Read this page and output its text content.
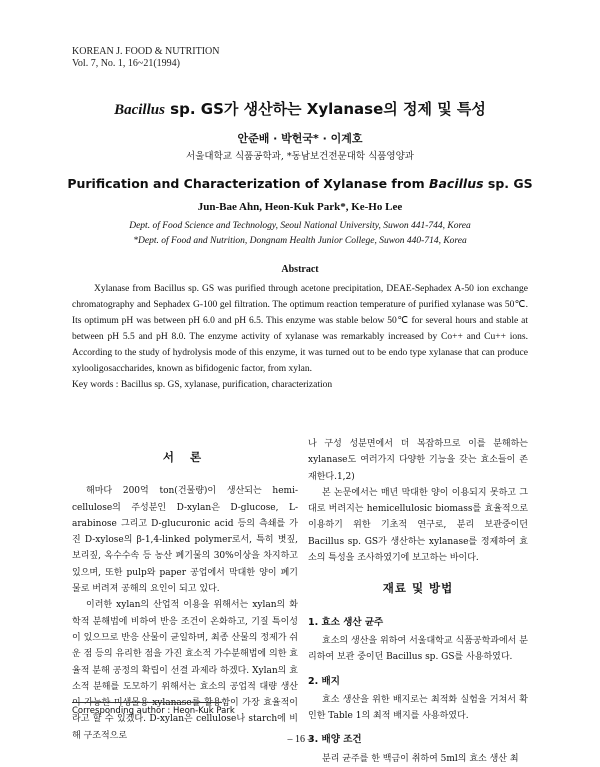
KOREAN J. FOOD & NUTRITION
Vol. 7, No. 1, 16~21(1994)
Bacillus sp. GS가 생산하는 Xylanase의 정제 및 특성
안준배 · 박헌국* · 이계호
서울대학교 식품공학과, *동남보건전문대학 식품영양과
Purification and Characterization of Xylanase from Bacillus sp. GS
Jun-Bae Ahn, Heon-Kuk Park*, Ke-Ho Lee
Dept. of Food Science and Technology, Seoul National University, Suwon 441-744, Korea
*Dept. of Food and Nutrition, Dongnam Health Junior College, Suwon 440-714, Korea
Abstract

Xylanase from Bacillus sp. GS was purified through acetone precipitation, DEAE-Sephadex A-50 ion exchange chromatography and Sephadex G-100 gel filtration. The optimum reaction temperature of purified xylanase was 50℃. Its optimum pH was between pH 6.0 and pH 6.5. This enzyme was stable below 50℃ for several hours and stable at between pH 5.5 and pH 8.0. The enzyme activity of xylanase was remarkably increased by Co++ and Cu++ ions. According to the study of hydrolysis mode of this enzyme, it was turned out to be endo type xylanase that can produce xylooligosaccharides, known as bifidogenic factor, from xylan.

Key words : Bacillus sp. GS, xylanase, purification, characterization
서 론

해마다 200억 ton(건물량)이 생산되는 hemi-cellulose의 주성분인 D-xylan은 D-glucose, L-arabinose 그리고 D-glucuronic acid 등의 측쇄를 가진 D-xylose의 β-1,4-linked polymer로서, 특히 볏짚, 보리짚, 옥수수속 등 농산 폐기물의 30%이상을 차지하고 있으며, 또한 pulp와 paper 공업에서 막대한 양이 폐기물로 버려져 공해의 요인이 되고 있다.

이러한 xylan의 산업적 이용을 위해서는 xylan의 화학적 분해법에 비하여 반응 조건이 온화하고, 기질 특이성이 있으므로 반응 산물이 균일하며, 최종 산물의 정제가 쉬운 점 등의 유리한 점을 가진 효소적 가수분해법에 의한 효율적 분해 공정의 확립이 선결 과제라 하겠다. Xylan의 효소적 분해를 도모하기 위해서는 효소의 공업적 대량 생산이 가능한 미생물용 xylanase를 활용함이 가장 효율적이라고 할 수 있겠다. D-xylan은 cellulose나 starch에 비해 구조적으로

나 구성 성분면에서 더 복잡하므로 이를 분해하는 xylanase도 여러가지 다양한 기능을 갖는 효소들이 존재한다.1,2)

본 논문에서는 매년 막대한 양이 이용되지 못하고 그대로 버려지는 hemicellulosic biomass를 효율적으로 이용하기 위한 기초적 연구로, 분리 보관중이던 Bacillus sp. GS가 생산하는 xylanase를 정제하여 효소의 특성을 조사하였기에 보고하는 바이다.

재료 및 방법
1. 효소 생산 균주

효소의 생산을 위하여 서울대학교 식품공학과에서 분리하여 보관 중이던 Bacillus sp. GS를 사용하였다.

2. 배지

효소 생산을 위한 배지로는 최적화 실험을 거쳐서 확인한 Table 1의 최적 배지를 사용하였다.

3. 배양 조건

분리 균주를 한 백금이 취하여 5ml의 효소 생산 최

Corresponding author : Heon-Kuk Park
– 16 –
